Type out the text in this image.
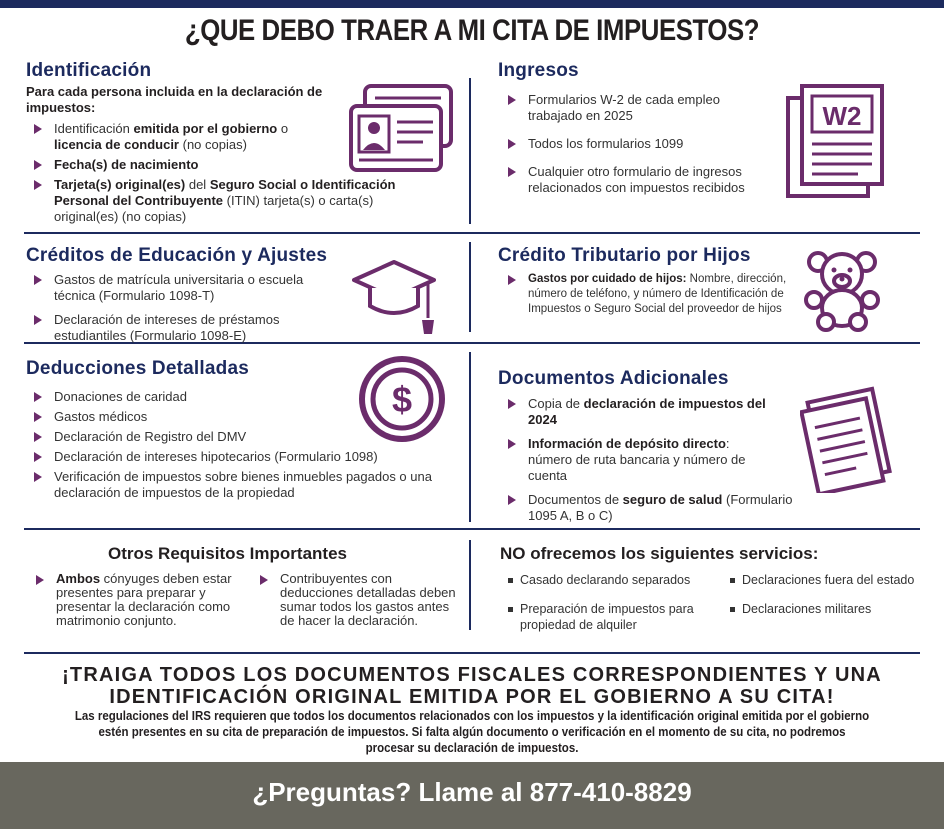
¿QUE DEBO TRAER A MI CITA DE IMPUESTOS?
Identificación
Para cada persona incluida en la declaración de impuestos:
Identificación emitida por el gobierno o licencia de conducir (no copias)
Fecha(s) de nacimiento
Tarjeta(s) original(es) del Seguro Social o Identificación Personal del Contribuyente (ITIN) tarjeta(s) o carta(s) original(es) (no copias)
Ingresos
Formularios W-2 de cada empleo trabajado en 2025
Todos los formularios 1099
Cualquier otro formulario de ingresos relacionados con impuestos recibidos
W2
Créditos de Educación y Ajustes
Gastos de matrícula universitaria o escuela técnica (Formulario 1098-T)
Declaración de intereses de préstamos estudiantiles (Formulario 1098-E)
Crédito Tributario por Hijos
Gastos por cuidado de hijos: Nombre, dirección, número de teléfono, y número de Identificación de Impuestos o Seguro Social del proveedor de hijos
Deducciones Detalladas
Donaciones de caridad
Gastos médicos
Declaración de Registro del DMV
Declaración de intereses hipotecarios (Formulario 1098)
Verificación de impuestos sobre bienes inmuebles pagados o una declaración de impuestos de la propiedad
$
Documentos Adicionales
Copia de declaración de impuestos del 2024
Información de depósito directo: número de ruta bancaria y número de cuenta
Documentos de seguro de salud (Formulario 1095 A, B o C)
Otros Requisitos Importantes
Ambos cónyuges deben estar presentes para preparar y presentar la declaración como matrimonio conjunto.
Contribuyentes con deducciones detalladas deben sumar todos los gastos antes de hacer la declaración.
NO ofrecemos los siguientes servicios:
Casado declarando separados
Preparación de impuestos para propiedad de alquiler
Declaraciones fuera del estado
Declaraciones militares
¡TRAIGA TODOS LOS DOCUMENTOS FISCALES CORRESPONDIENTES Y UNA IDENTIFICACIÓN ORIGINAL EMITIDA POR EL GOBIERNO A SU CITA!
Las regulaciones del IRS requieren que todos los documentos relacionados con los impuestos y la identificación original emitida por el gobierno estén presentes en su cita de preparación de impuestos. Si falta algún documento o verificación en el momento de su cita, no podremos procesar su declaración de impuestos.
¿Preguntas? Llame al 877-410-8829
